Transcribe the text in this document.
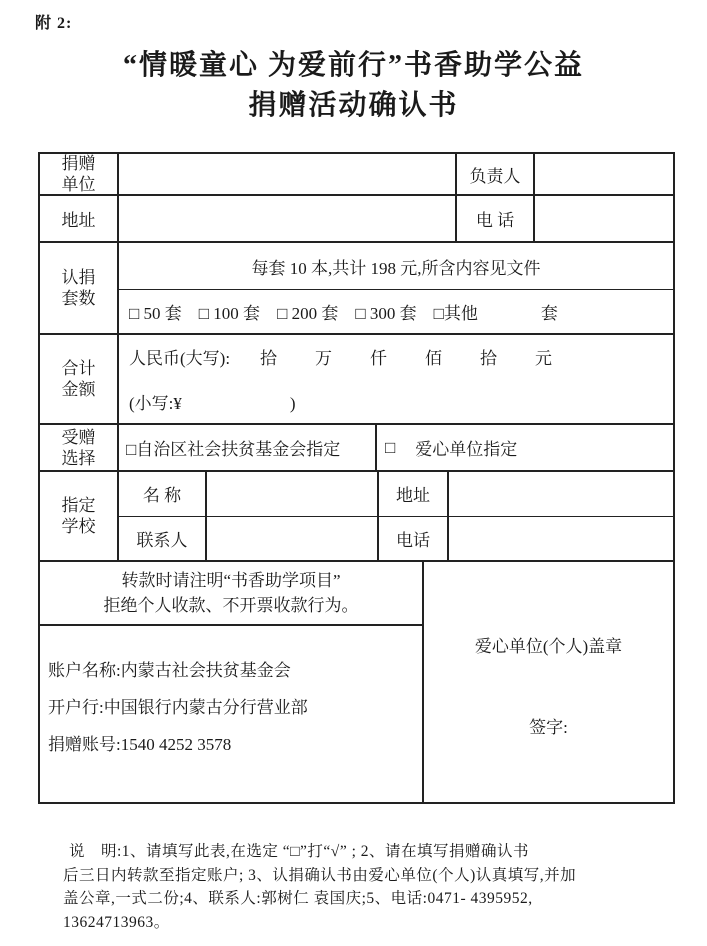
附 2:
“情暖童心 为爱前行”书香助学公益
捐赠活动确认书
捐赠单位	负责人
地址	电 话
认捐套数
每套 10 本,共计 198 元,所含内容见文件
□ 50 套 □ 100 套 □ 200 套 □ 300 套 □其他	套
合计金额
人民币(大写): 拾 万 仟 佰 拾 元
(小写:¥	)
受赠选择	□自治区社会扶贫基金会指定	□ 爱心单位指定
指定学校
名 称	地址
联系人	电话
转款时请注明“书香助学项目”
拒绝个人收款、不开票收款行为。
账户名称:内蒙古社会扶贫基金会
开户行:中国银行内蒙古分行营业部
捐赠账号:1540 4252 3578
爱心单位(个人)盖章
签字:
说　明:1、请填写此表,在选定 “□”打“√” ; 2、请在填写捐赠确认书
后三日内转款至指定账户; 3、认捐确认书由爱心单位(个人)认真填写,并加
盖公章,一式二份;4、联系人:郭树仁 袁国庆;5、电话:0471- 4395952,
13624713963。
